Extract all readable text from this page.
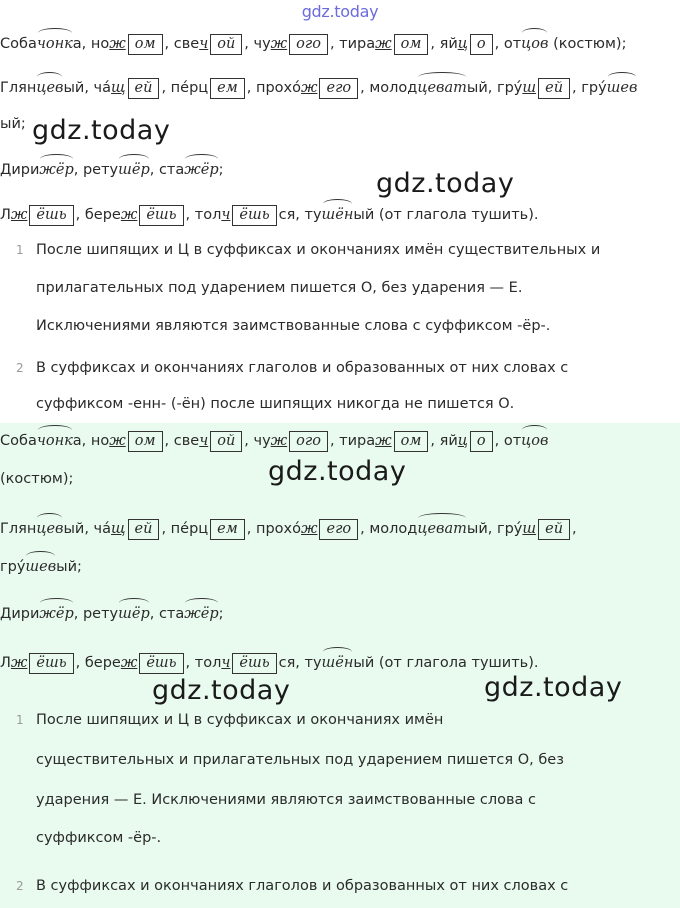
gdz.today
Собачонка, нож ом , свеч ой , чуж ого , тираж ом , яйц о , отцов (костюм);
Глянцевый, ча́щ ей , пе́рц ем , прохо́ж его , молодцеватый, гру́ш ей , гру́шев
ый;
Дирижёр, ретушёр, стажёр;
Лж ёшь , береж ёшь , толч ёшь ся, тушёный (от глагола тушить).
1 После шипящих и Ц в суффиксах и окончаниях имён существительных и
прилагательных под ударением пишется О, без ударения — Е.
Исключениями являются заимствованные слова с суффиксом -ёр-.
2 В суффиксах и окончаниях глаголов и образованных от них словах с
суффиксом -енн- (-ён) после шипящих никогда не пишется О.
Собачонка, нож ом , свеч ой , чуж ого , тираж ом , яйц о , отцов
(костюм);
Глянцевый, ча́щ ей , пе́рц ем , прохо́ж его , молодцеватый, гру́ш ей ,
гру́шевый;
Дирижёр, ретушёр, стажёр;
Лж ёшь , береж ёшь , толч ёшь ся, тушёный (от глагола тушить).
1 После шипящих и Ц в суффиксах и окончаниях имён
существительных и прилагательных под ударением пишется О, без
ударения — Е. Исключениями являются заимствованные слова с
суффиксом -ёр-.
2 В суффиксах и окончаниях глаголов и образованных от них словах с
gdz.today
gdz.today
gdz.today
gdz.today	gdz.today
